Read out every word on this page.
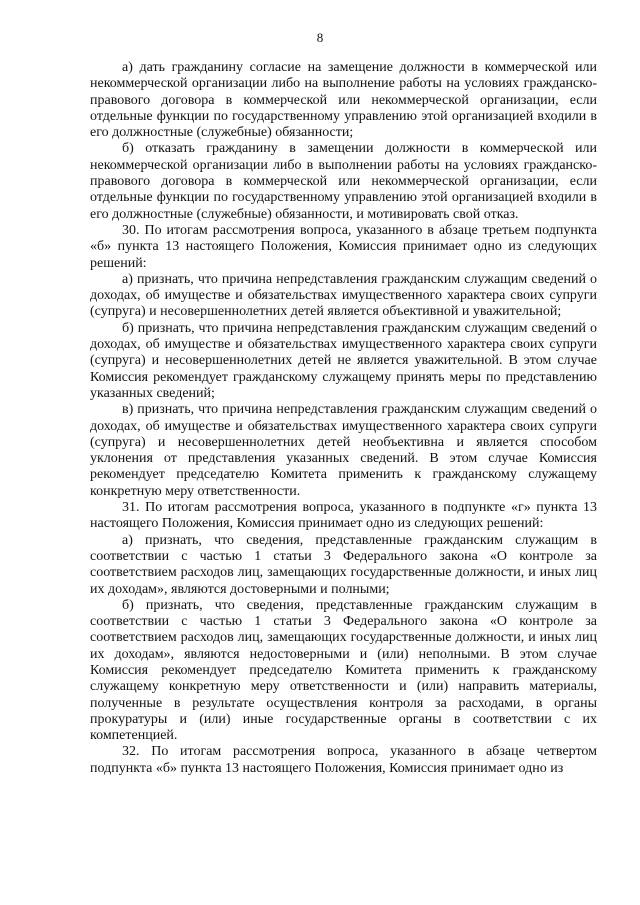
8

а) дать гражданину согласие на замещение должности в коммерческой или некоммерческой организации либо на выполнение работы на условиях гражданско-правового договора в коммерческой или некоммерческой организации, если отдельные функции по государственному управлению этой организацией входили в его должностные (служебные) обязанности;

б) отказать гражданину в замещении должности в коммерческой или некоммерческой организации либо в выполнении работы на условиях гражданско-правового договора в коммерческой или некоммерческой организации, если отдельные функции по государственному управлению этой организацией входили в его должностные (служебные) обязанности, и мотивировать свой отказ.

30. По итогам рассмотрения вопроса, указанного в абзаце третьем подпункта «б» пункта 13 настоящего Положения, Комиссия принимает одно из следующих решений:

а) признать, что причина непредставления гражданским служащим сведений о доходах, об имуществе и обязательствах имущественного характера своих супруги (супруга) и несовершеннолетних детей является объективной и уважительной;

б) признать, что причина непредставления гражданским служащим сведений о доходах, об имуществе и обязательствах имущественного характера своих супруги (супруга) и несовершеннолетних детей не является уважительной. В этом случае Комиссия рекомендует гражданскому служащему принять меры по представлению указанных сведений;

в) признать, что причина непредставления гражданским служащим сведений о доходах, об имуществе и обязательствах имущественного характера своих супруги (супруга) и несовершеннолетних детей необъективна и является способом уклонения от представления указанных сведений. В этом случае Комиссия рекомендует председателю Комитета применить к гражданскому служащему конкретную меру ответственности.

31. По итогам рассмотрения вопроса, указанного в подпункте «г» пункта 13 настоящего Положения, Комиссия принимает одно из следующих решений:

а) признать, что сведения, представленные гражданским служащим в соответствии с частью 1 статьи 3 Федерального закона «О контроле за соответствием расходов лиц, замещающих государственные должности, и иных лиц их доходам», являются достоверными и полными;

б) признать, что сведения, представленные гражданским служащим в соответствии с частью 1 статьи 3 Федерального закона «О контроле за соответствием расходов лиц, замещающих государственные должности, и иных лиц их доходам», являются недостоверными и (или) неполными. В этом случае Комиссия рекомендует председателю Комитета применить к гражданскому служащему конкретную меру ответственности и (или) направить материалы, полученные в результате осуществления контроля за расходами, в органы прокуратуры и (или) иные государственные органы в соответствии с их компетенцией.

32. По итогам рассмотрения вопроса, указанного в абзаце четвертом подпункта «б» пункта 13 настоящего Положения, Комиссия принимает одно из
